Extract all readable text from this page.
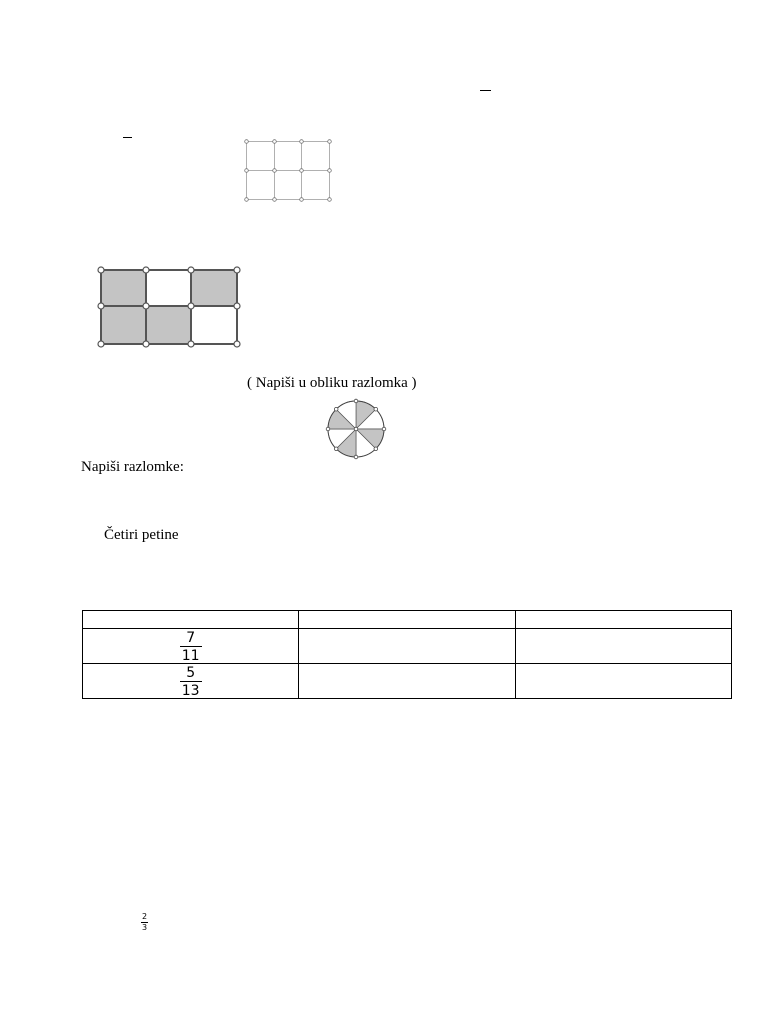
( Napiši u obliku razlomka )
Napiši razlomke:
Četiri petine

$\frac{7}{11}$

$\frac{5}{13}$

2
3
